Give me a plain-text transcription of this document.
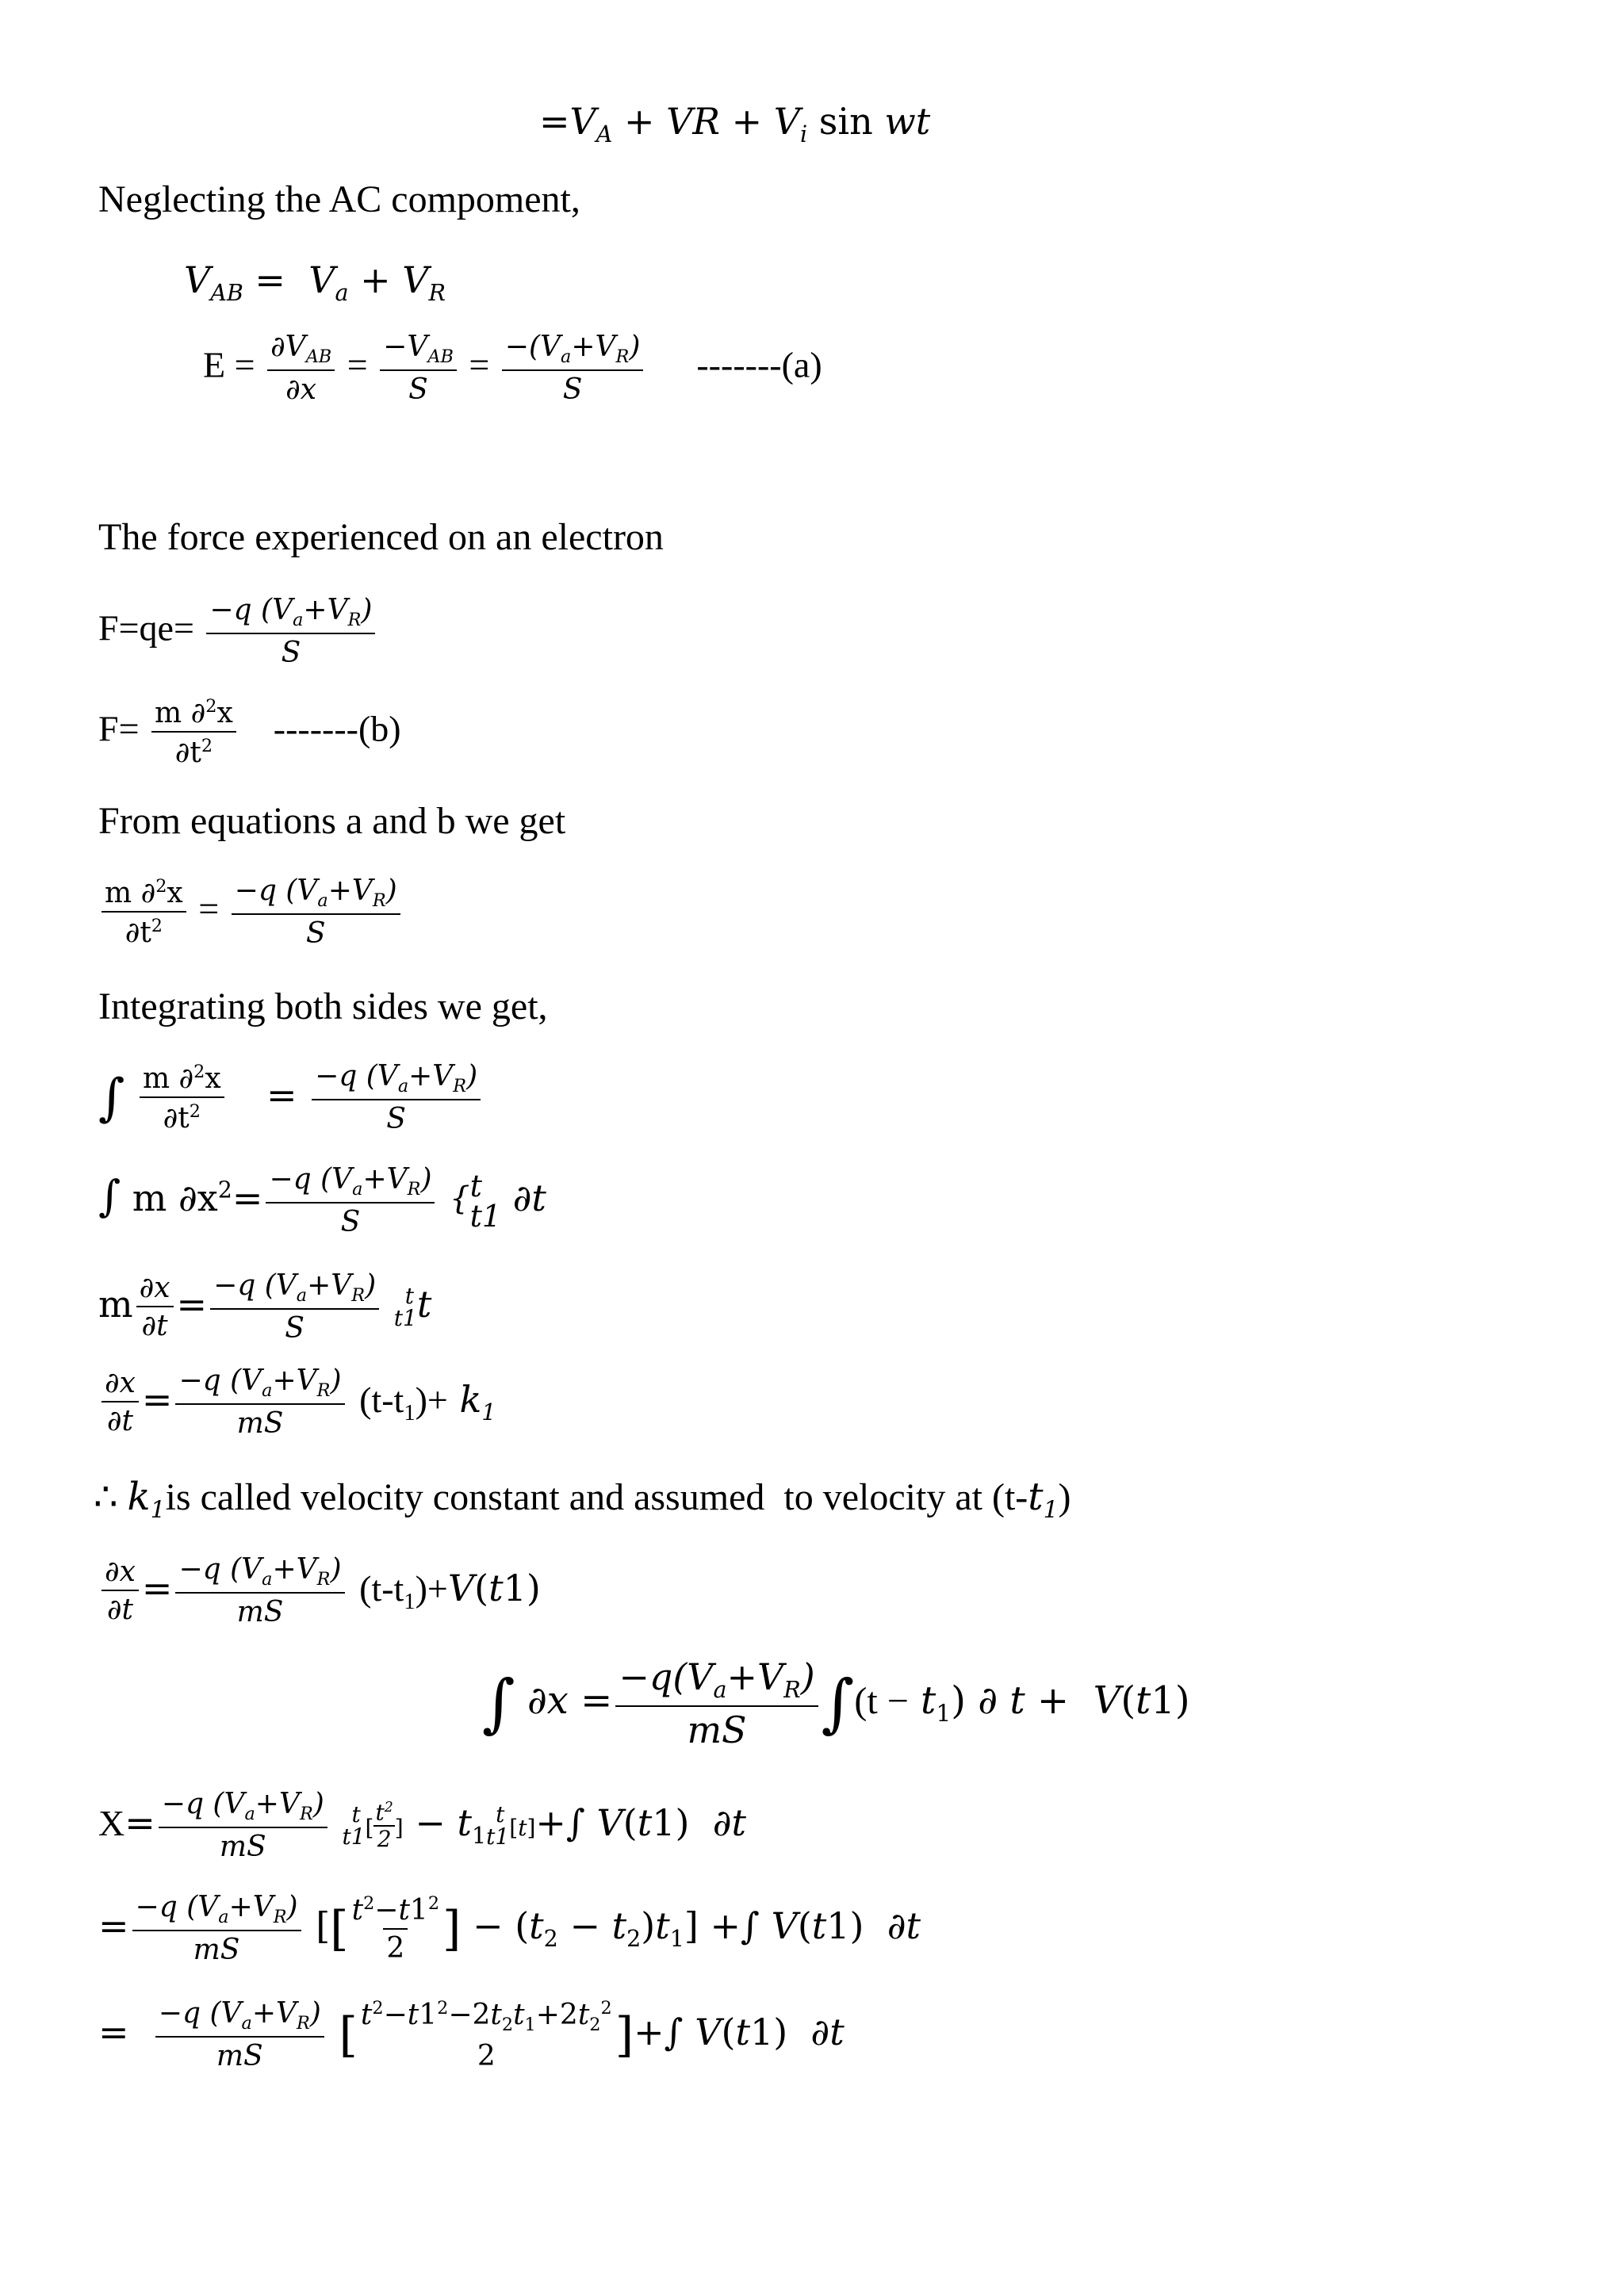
$=V_A$ + VR + $V_i$ sin wt
Neglecting the AC compoment,
$V_{AB} = V_a + V_R$
$E = \frac{\partial V_{AB}}{\partial x} = \frac{-V_{AB}}{S} = \frac{-(V_a+V_R)}{S} -------(a)$
The force experienced on an electron
$F=qe= \frac{-q (V_a+V_R)}{S}$
$F= \frac{m \partial^2x}{\partial t^2} -------(b)$
From equations a and b we get
$\frac{m \partial^2x}{\partial t^2} = \frac{-q (V_a+V_R)}{S}$
Integrating both sides we get,
∫ $\frac{m \partial^2x}{\partial t^2} = \frac{-q (V_a+V_R)}{S}$
∫ m $\partial x^2= \frac{-q (V_a+V_R)}{S}$ { t
t1 ∂t
m $\frac{\partial x}{\partial t} = \frac{-q (V_a+V_R)}{S}$
	t
t1 t
$\frac{\partial x}{\partial t} = \frac{-q (V_a+V_R)}{mS} (t-t_1)+ k_1$
∴ $k_1is$ called velocity constant and assumed  to velocity at $(t-t_1)$
$\frac{\partial x}{\partial t} = \frac{-q (V_a+V_R)}{mS} (t-t_1)+V(t1)$
∫ $\partial x = \frac{-q(V_a+V_R)}{mS} \int(t - t_1)$ ∂ t +  V(t1)
$X= \frac{-q (V_a+V_R)}{mS}$
	t
t1 [ $\frac{t^2}{2}$ ] − $t_1$
t
t1 [t]+∫ V(t1)  ∂t
= $\frac{-q (V_a+V_R)}{mS}$ [[ $\frac{t^2-t1^2}{2}$ ] − $(t_2 - t_2)t_1$] +∫ V(t1)  ∂t
= $\frac{-q (V_a+V_R)}{mS}$ [ $t^2-t1^2-2t_2t_1+2t_2^2$
2	]+∫ V(t1)  ∂t
